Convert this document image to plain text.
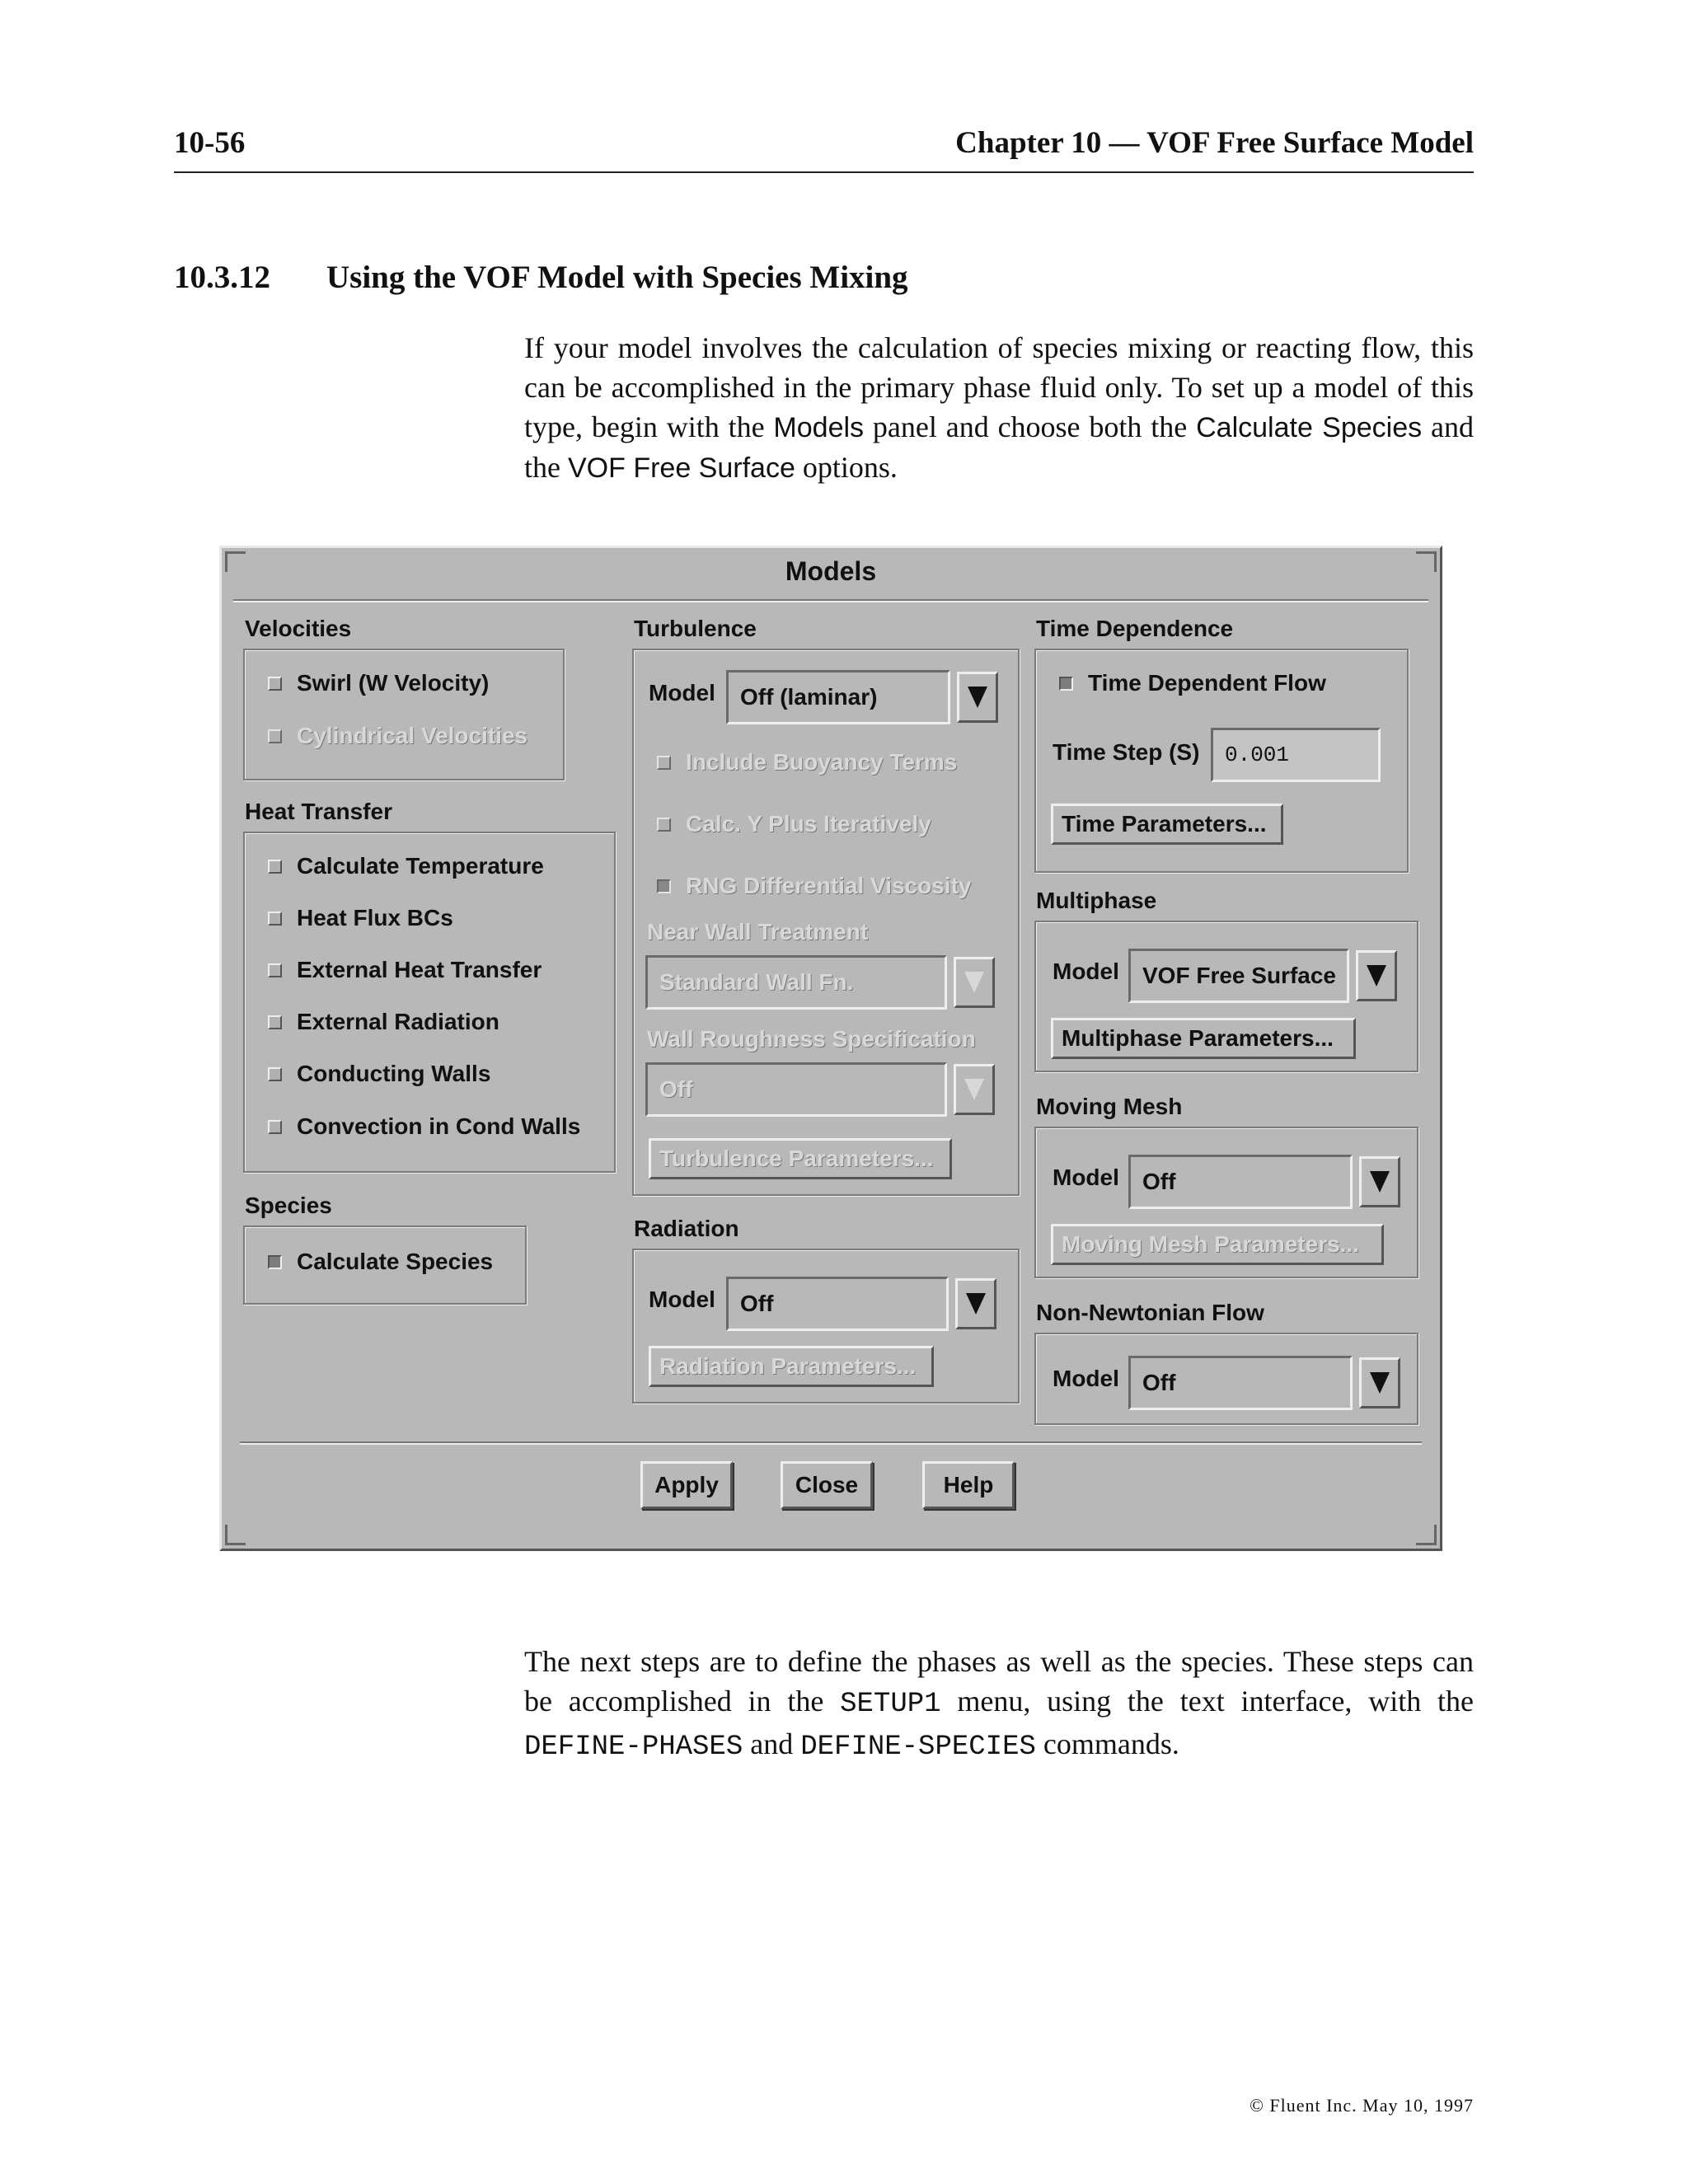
10-56	Chapter 10 — VOF Free Surface Model
10.3.12 Using the VOF Model with Species Mixing
If your model involves the calculation of species mixing or reacting flow, this can be accomplished in the primary phase fluid only. To set up a model of this type, begin with the Models panel and choose both the Calculate Species and the VOF Free Surface options.
Models
Velocities
Swirl (W Velocity)
Cylindrical Velocities
Heat Transfer
Calculate Temperature
Heat Flux BCs
External Heat Transfer
External Radiation
Conducting Walls
Convection in Cond Walls
Species
Calculate Species
Turbulence
Model	Off (laminar)
Include Buoyancy Terms
Calc. Y Plus Iteratively
RNG Differential Viscosity
Near Wall Treatment
Standard Wall Fn.
Wall Roughness Specification
Off
Turbulence Parameters...
Radiation
Model	Off
Radiation Parameters...
Time Dependence
Time Dependent Flow
Time Step (S)	0.001
Time Parameters...
Multiphase
Model	VOF Free Surface
Multiphase Parameters...
Moving Mesh
Model	Off
Moving Mesh Parameters...
Non-Newtonian Flow
Model	Off
Apply	Close	Help
The next steps are to define the phases as well as the species. These steps can be accomplished in the SETUP1 menu, using the text interface, with the DEFINE-PHASES and DEFINE-SPECIES commands.
© Fluent Inc. May 10, 1997
